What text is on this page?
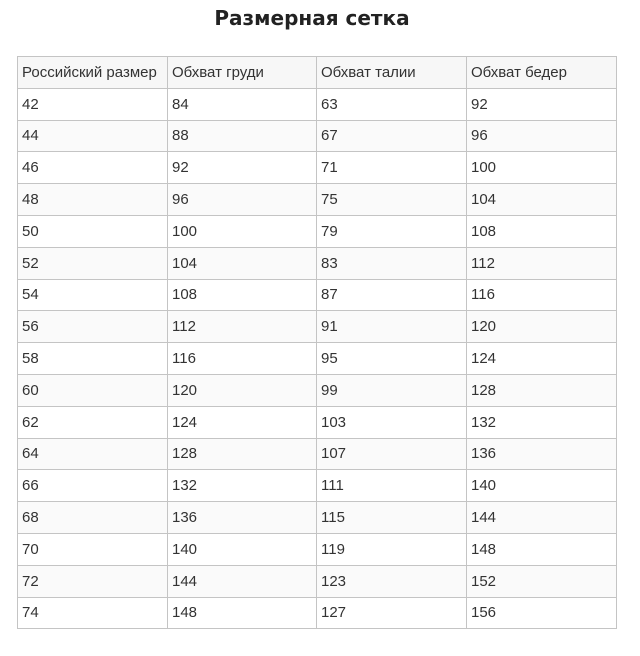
Размерная сетка
Российский размер	Обхват груди	Обхват талии	Обхват бедер
42	84	63	92
44	88	67	96
46	92	71	100
48	96	75	104
50	100	79	108
52	104	83	112
54	108	87	116
56	112	91	120
58	116	95	124
60	120	99	128
62	124	103	132
64	128	107	136
66	132	111	140
68	136	115	144
70	140	119	148
72	144	123	152
74	148	127	156
